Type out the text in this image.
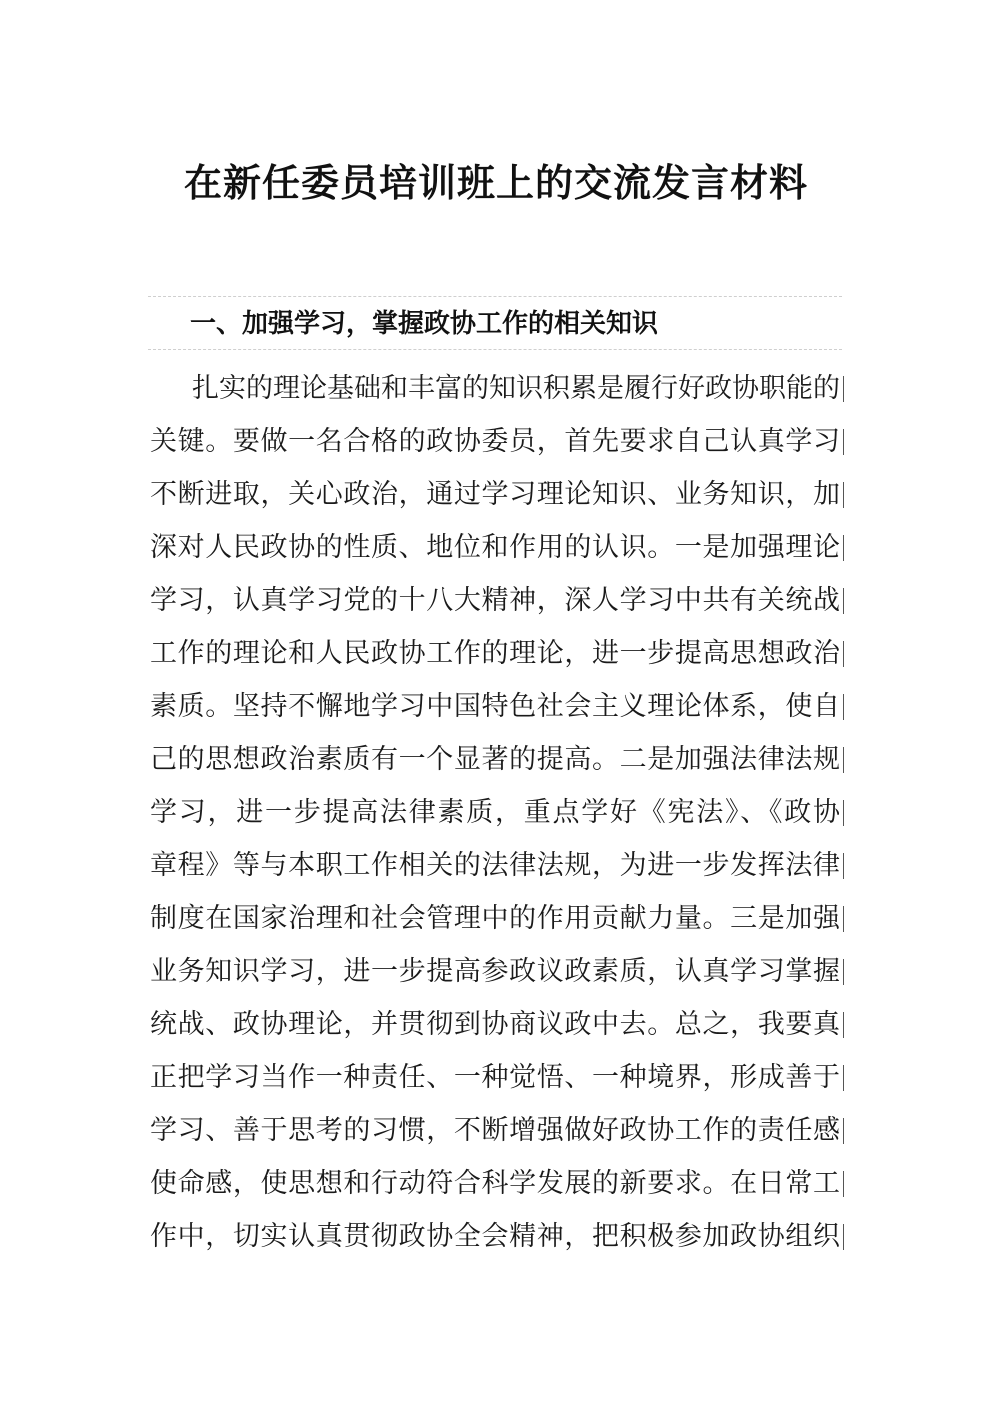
在新任委员培训班上的交流发言材料
一、加强学习，掌握政协工作的相关知识
扎实的理论基础和丰富的知识积累是履行好政协职能的
关键。要做一名合格的政协委员，首先要求自己认真学习
不断进取，关心政治，通过学习理论知识、业务知识，加
深对人民政协的性质、地位和作用的认识。一是加强理论
学习，认真学习党的十八大精神，深人学习中共有关统战
工作的理论和人民政协工作的理论，进一步提高思想政治
素质。坚持不懈地学习中国特色社会主义理论体系，使自
己的思想政治素质有一个显著的提高。二是加强法律法规
学习，进一步提高法律素质，重点学好《宪法》、《政协
章程》等与本职工作相关的法律法规，为进一步发挥法律
制度在国家治理和社会管理中的作用贡献力量。三是加强
业务知识学习，进一步提高参政议政素质，认真学习掌握
统战、政协理论，并贯彻到协商议政中去。总之，我要真
正把学习当作一种责任、一种觉悟、一种境界，形成善于
学习、善于思考的习惯，不断增强做好政协工作的责任感
使命感，使思想和行动符合科学发展的新要求。在日常工
作中，切实认真贯彻政协全会精神，把积极参加政协组织
